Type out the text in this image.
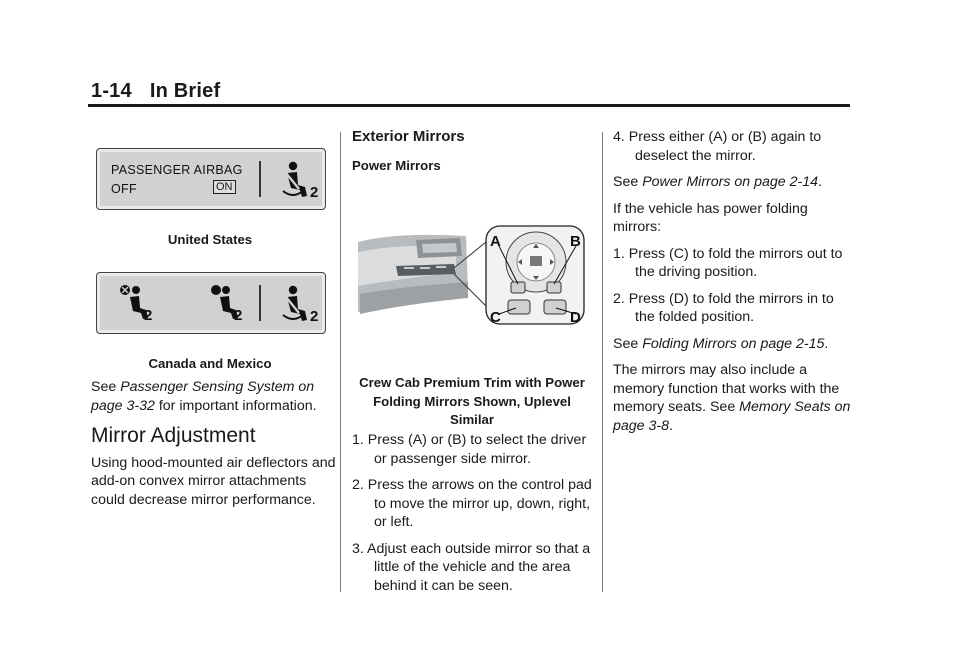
1-14 In Brief
PASSENGER AIRBAG
OFF	ON	2
United States
2	2	2
Canada and Mexico

See Passenger Sensing System on page 3-32 for important information.

Mirror Adjustment

Using hood-mounted air deflectors and add-on convex mirror attachments could decrease mirror performance.

Exterior Mirrors
Power Mirrors
A	B
C	D
Crew Cab Premium Trim with Power Folding Mirrors Shown, Uplevel Similar

1. Press (A) or (B) to select the driver or passenger side mirror.

2. Press the arrows on the control pad to move the mirror up, down, right, or left.

3. Adjust each outside mirror so that a little of the vehicle and the area behind it can be seen.

4. Press either (A) or (B) again to deselect the mirror.

See Power Mirrors on page 2-14.

If the vehicle has power folding mirrors:

1. Press (C) to fold the mirrors out to the driving position.

2. Press (D) to fold the mirrors in to the folded position.

See Folding Mirrors on page 2-15.

The mirrors may also include a memory function that works with the memory seats. See Memory Seats on page 3-8.
